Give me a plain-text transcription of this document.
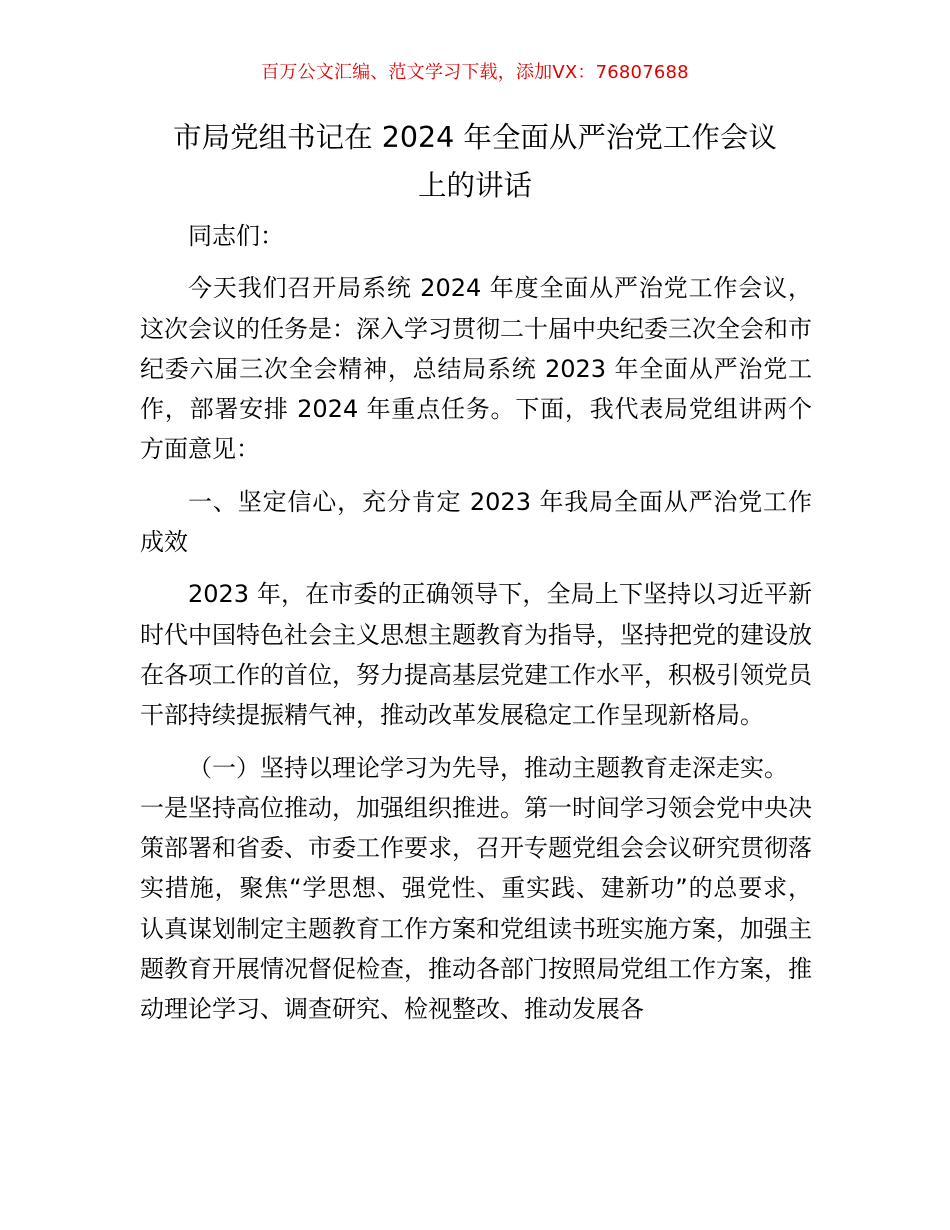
百万公文汇编、范文学习下载，添加VX：76807688
市局党组书记在 2024 年全面从严治党工作会议
上的讲话

同志们：

今天我们召开局系统 2024 年度全面从严治党工作会议，这次会议的任务是：深入学习贯彻二十届中央纪委三次全会和市纪委六届三次全会精神，总结局系统 2023 年全面从严治党工作，部署安排 2024 年重点任务。下面，我代表局党组讲两个方面意见：

一、坚定信心，充分肯定 2023 年我局全面从严治党工作成效

2023 年，在市委的正确领导下，全局上下坚持以习近平新时代中国特色社会主义思想主题教育为指导，坚持把党的建设放在各项工作的首位，努力提高基层党建工作水平，积极引领党员干部持续提振精气神，推动改革发展稳定工作呈现新格局。

（一）坚持以理论学习为先导，推动主题教育走深走实。

一是坚持高位推动，加强组织推进。第一时间学习领会党中央决策部署和省委、市委工作要求，召开专题党组会会议研究贯彻落实措施，聚焦“学思想、强党性、重实践、建新功”的总要求，认真谋划制定主题教育工作方案和党组读书班实施方案，加强主题教育开展情况督促检查，推动各部门按照局党组工作方案，推动理论学习、调查研究、检视整改、推动发展各
